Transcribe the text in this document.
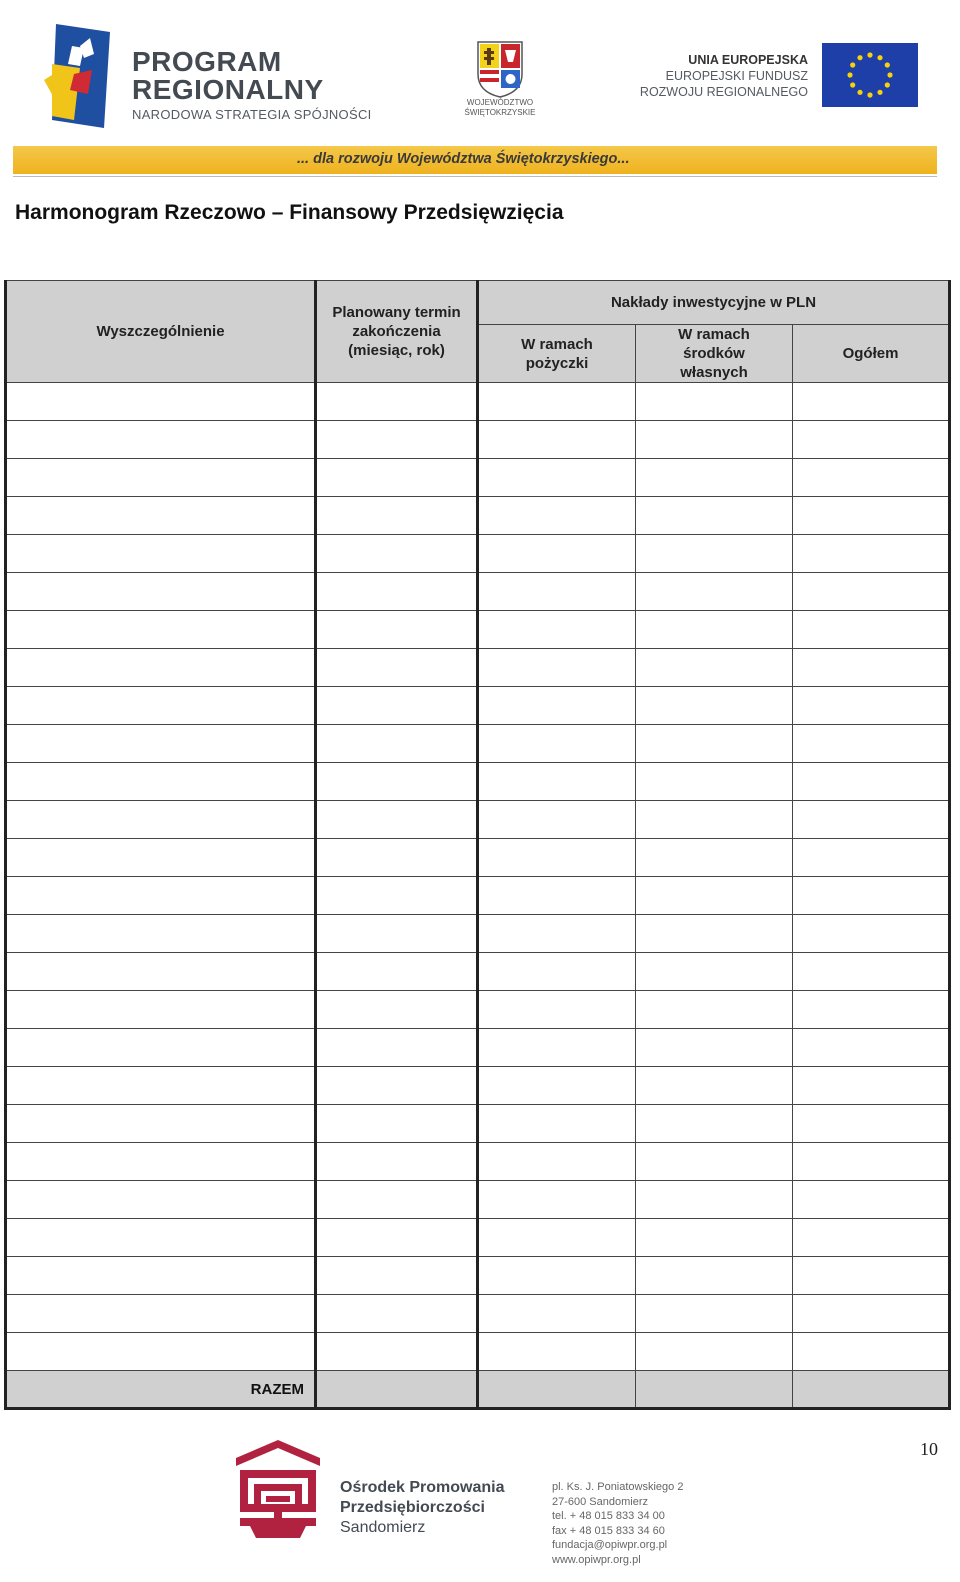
PROGRAM
REGIONALNY
NARODOWA STRATEGIA SPÓJNOŚCI
WOJEWÓDZTWO ŚWIĘTOKRZYSKIE
UNIA EUROPEJSKA
EUROPEJSKI FUNDUSZ
ROZWOJU REGIONALNEGO
... dla rozwoju Województwa Świętokrzyskiego...
Harmonogram Rzeczowo – Finansowy Przedsięwzięcia
Wyszczególnienie	Planowany termin zakończenia (miesiąc, rok)	Nakłady inwestycyjne w PLN		
		W ramach pożyczki	W ramach środków własnych	Ogółem

RAZEM				
10
Ośrodek Promowania
Przedsiębiorczości
Sandomierz
pl. Ks. J. Poniatowskiego 2
27-600 Sandomierz
tel. + 48 015 833 34 00
fax + 48 015 833 34 60
fundacja@opiwpr.org.pl
www.opiwpr.org.pl
